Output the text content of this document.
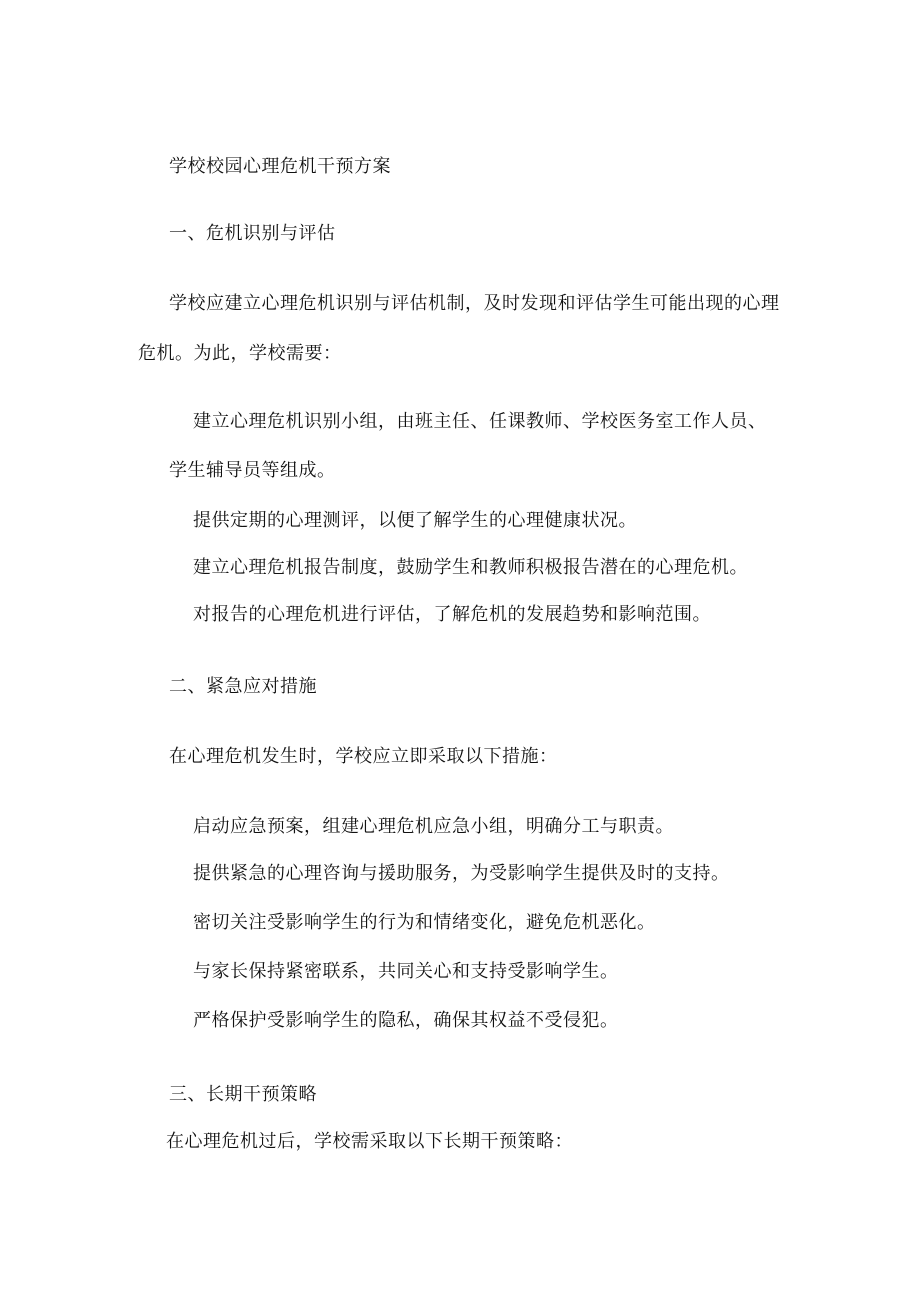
学校校园心理危机干预方案
一、危机识别与评估
学校应建立心理危机识别与评估机制，及时发现和评估学生可能出现的心理
危机。为此，学校需要：
建立心理危机识别小组，由班主任、任课教师、学校医务室工作人员、
学生辅导员等组成。
提供定期的心理测评，以便了解学生的心理健康状况。
建立心理危机报告制度，鼓励学生和教师积极报告潜在的心理危机。
对报告的心理危机进行评估，了解危机的发展趋势和影响范围。
二、紧急应对措施
在心理危机发生时，学校应立即采取以下措施：
启动应急预案，组建心理危机应急小组，明确分工与职责。
提供紧急的心理咨询与援助服务，为受影响学生提供及时的支持。
密切关注受影响学生的行为和情绪变化，避免危机恶化。
与家长保持紧密联系，共同关心和支持受影响学生。
严格保护受影响学生的隐私，确保其权益不受侵犯。
三、长期干预策略
在心理危机过后，学校需采取以下长期干预策略：
